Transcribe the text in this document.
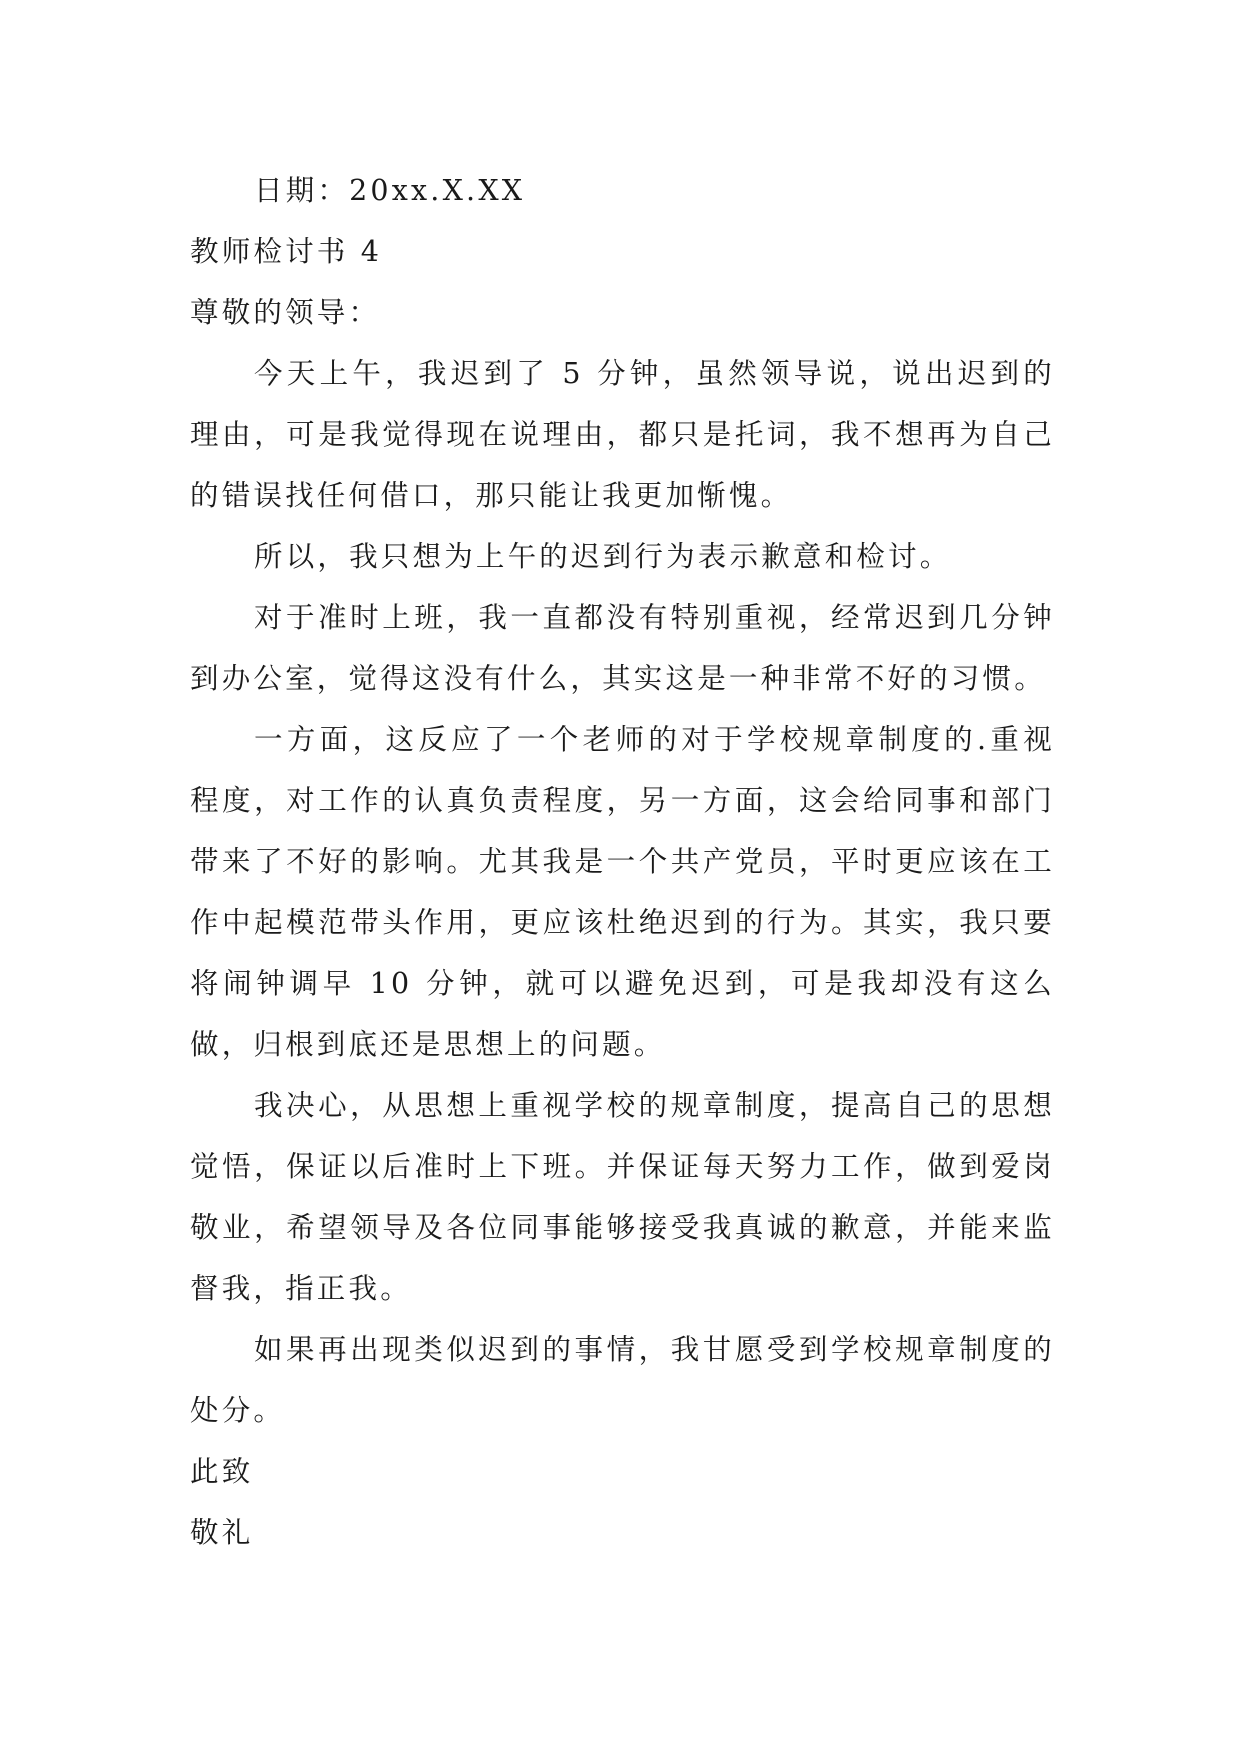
日期：20xx.X.XX

教师检讨书 4

尊敬的领导：

今天上午，我迟到了 5 分钟，虽然领导说，说出迟到的理由，可是我觉得现在说理由，都只是托词，我不想再为自己的错误找任何借口，那只能让我更加惭愧。

所以，我只想为上午的迟到行为表示歉意和检讨。

对于准时上班，我一直都没有特别重视，经常迟到几分钟到办公室，觉得这没有什么，其实这是一种非常不好的习惯。

一方面，这反应了一个老师的对于学校规章制度的.重视程度，对工作的认真负责程度，另一方面，这会给同事和部门带来了不好的影响。尤其我是一个共产党员，平时更应该在工作中起模范带头作用，更应该杜绝迟到的行为。其实，我只要将闹钟调早 10 分钟，就可以避免迟到，可是我却没有这么做，归根到底还是思想上的问题。

我决心，从思想上重视学校的规章制度，提高自己的思想觉悟，保证以后准时上下班。并保证每天努力工作，做到爱岗敬业，希望领导及各位同事能够接受我真诚的歉意，并能来监督我，指正我。

如果再出现类似迟到的事情，我甘愿受到学校规章制度的处分。

此致

敬礼
